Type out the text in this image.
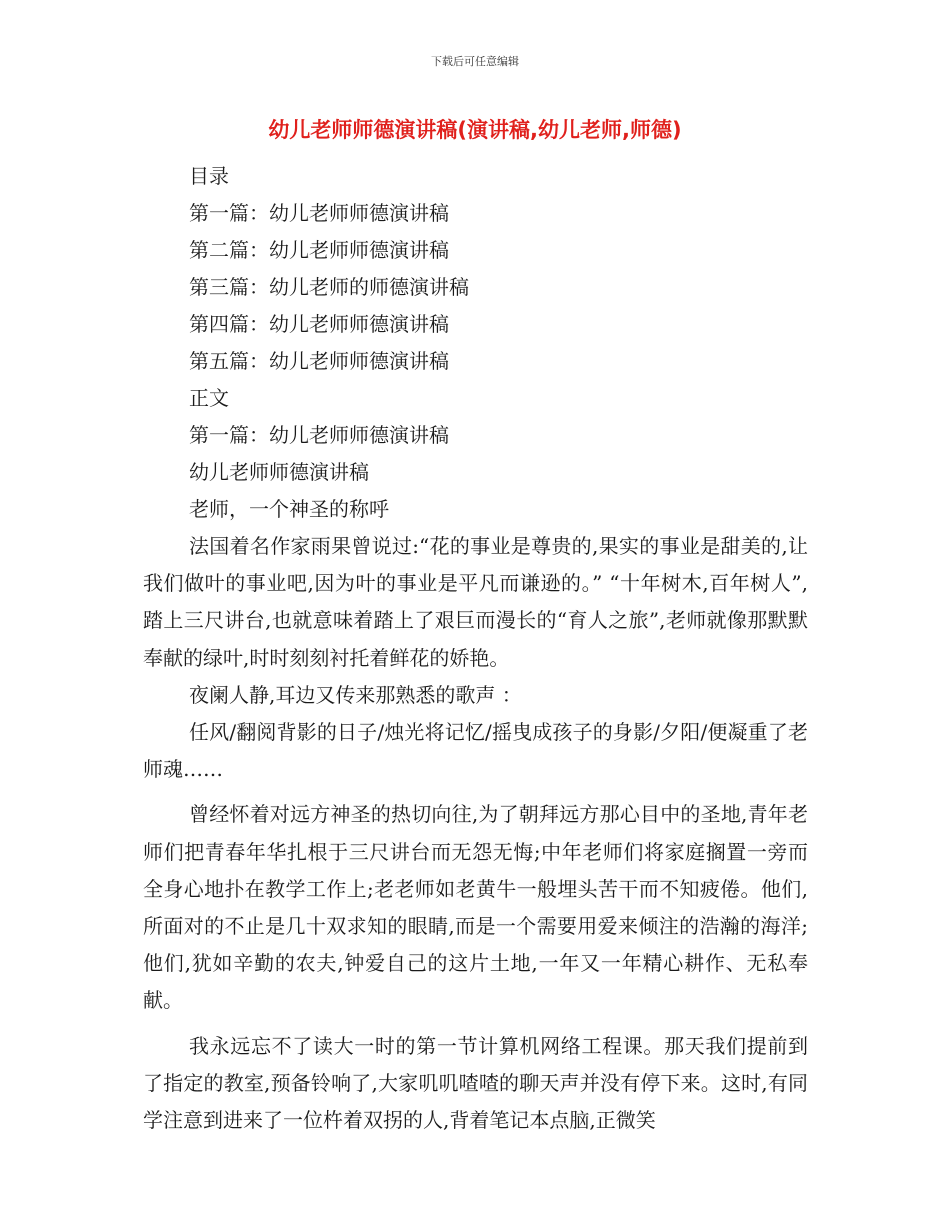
下载后可任意编辑
幼儿老师师德演讲稿(演讲稿,幼儿老师,师德)
目录
第一篇：幼儿老师师德演讲稿
第二篇：幼儿老师师德演讲稿
第三篇：幼儿老师的师德演讲稿
第四篇：幼儿老师师德演讲稿
第五篇：幼儿老师师德演讲稿
正文
第一篇：幼儿老师师德演讲稿
幼儿老师师德演讲稿
老师，一个神圣的称呼

法国着名作家雨果曾说过:“花的事业是尊贵的,果实的事业是甜美的,让我们做叶的事业吧,因为叶的事业是平凡而谦逊的。” “十年树木,百年树人”,踏上三尺讲台,也就意味着踏上了艰巨而漫长的“育人之旅”,老师就像那默默奉献的绿叶,时时刻刻衬托着鲜花的娇艳。

夜阑人静,耳边又传来那熟悉的歌声 ：

任风/翻阅背影的日子/烛光将记忆/摇曳成孩子的身影/夕阳/便凝重了老师魂……

曾经怀着对远方神圣的热切向往,为了朝拜远方那心目中的圣地,青年老师们把青春年华扎根于三尺讲台而无怨无悔;中年老师们将家庭搁置一旁而全身心地扑在教学工作上;老老师如老黄牛一般埋头苦干而不知疲倦。他们,所面对的不止是几十双求知的眼睛,而是一个需要用爱来倾注的浩瀚的海洋;他们,犹如辛勤的农夫,钟爱自己的这片土地,一年又一年精心耕作、无私奉献。

我永远忘不了读大一时的第一节计算机网络工程课。那天我们提前到了指定的教室,预备铃响了,大家叽叽喳喳的聊天声并没有停下来。这时,有同学注意到进来了一位杵着双拐的人,背着笔记本点脑,正微笑
